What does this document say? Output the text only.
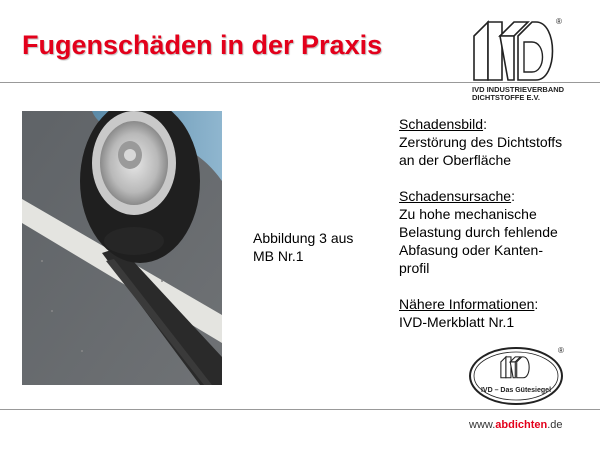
Fugenschäden in der Praxis
®
IVD INDUSTRIEVERBAND
DICHTSTOFFE E.V.
Abbildung 3 aus
MB Nr.1
Schadensbild:
Zerstörung des Dichtstoffs
an der Oberfläche
Schadensursache:
Zu hohe mechanische
Belastung durch fehlende
Abfasung oder Kanten-
profil
Nähere Informationen:
IVD-Merkblatt Nr.1
IVD – Das Gütesiegel
®
www.abdichten.de
